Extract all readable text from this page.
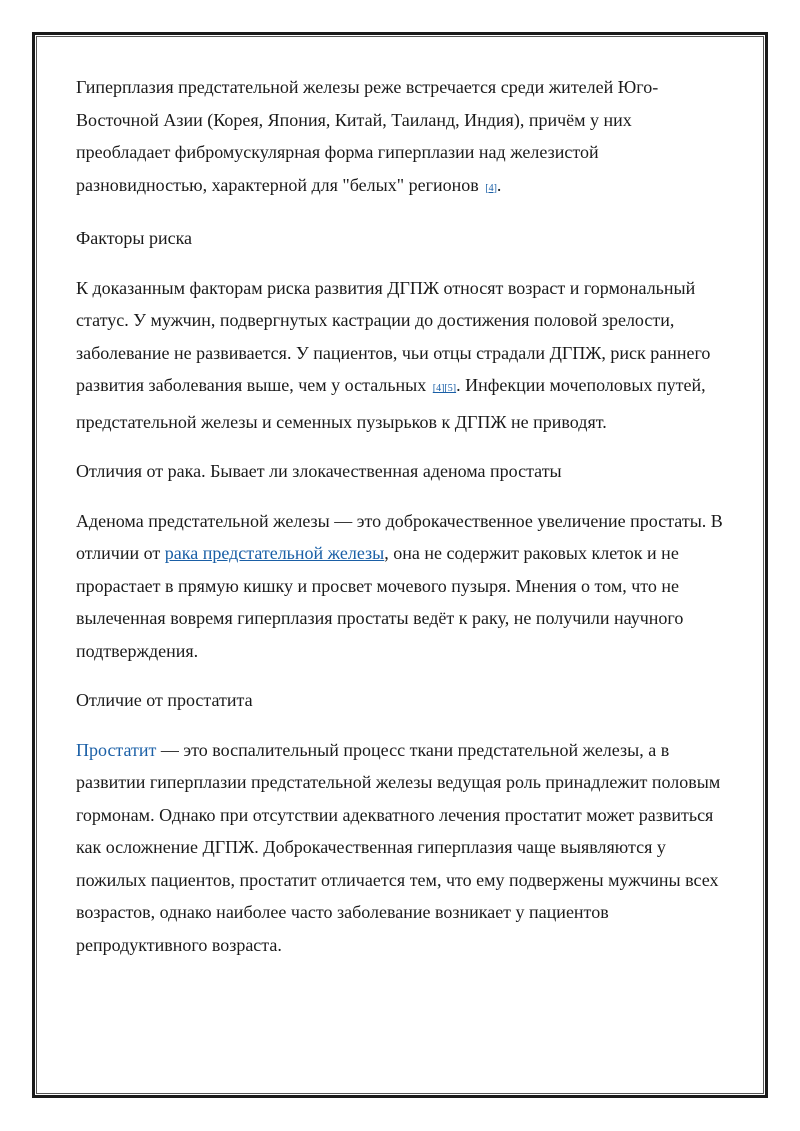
Гиперплазия предстательной железы реже встречается среди жителей Юго-Восточной Азии (Корея, Япония, Китай, Таиланд, Индия), причём у них преобладает фибромускулярная форма гиперплазии над железистой разновидностью, характерной для "белых" регионов [4].

Факторы риска

К доказанным факторам риска развития ДГПЖ относят возраст и гормональный статус. У мужчин, подвергнутых кастрации до достижения половой зрелости, заболевание не развивается. У пациентов, чьи отцы страдали ДГПЖ, риск раннего развития заболевания выше, чем у остальных [4][5]. Инфекции мочеполовых путей, предстательной железы и семенных пузырьков к ДГПЖ не приводят.

Отличия от рака. Бывает ли злокачественная аденома простаты

Аденома предстательной железы — это доброкачественное увеличение простаты. В отличии от рака предстательной железы, она не содержит раковых клеток и не прорастает в прямую кишку и просвет мочевого пузыря. Мнения о том, что не вылеченная вовремя гиперплазия простаты ведёт к раку, не получили научного подтверждения.

Отличие от простатита

Простатит — это воспалительный процесс ткани предстательной железы, а в развитии гиперплазии предстательной железы ведущая роль принадлежит половым гормонам. Однако при отсутствии адекватного лечения простатит может развиться как осложнение ДГПЖ. Доброкачественная гиперплазия чаще выявляются у пожилых пациентов, простатит отличается тем, что ему подвержены мужчины всех возрастов, однако наиболее часто заболевание возникает у пациентов репродуктивного возраста.
